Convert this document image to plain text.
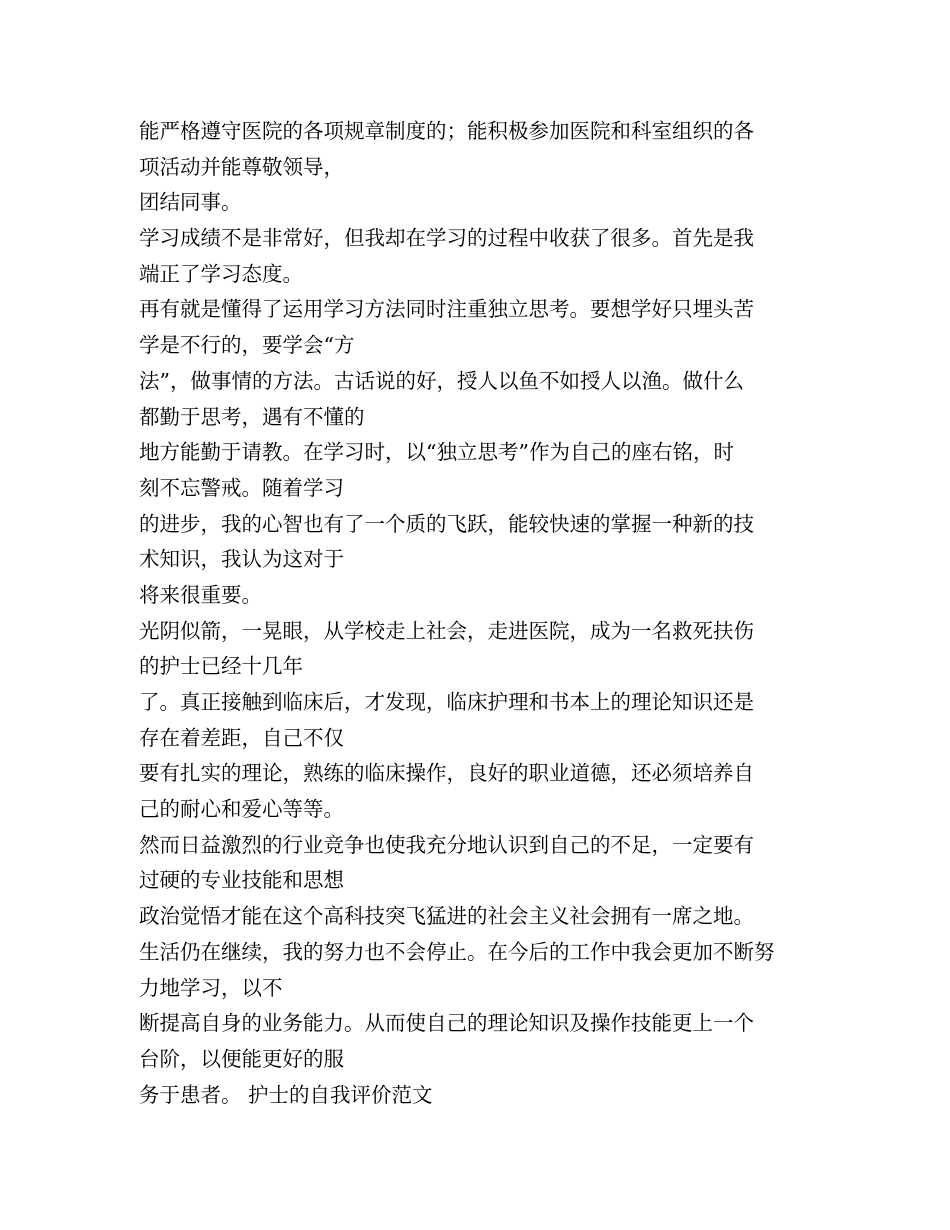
能严格遵守医院的各项规章制度的；能积极参加医院和科室组织的各
项活动并能尊敬领导，
团结同事。
学习成绩不是非常好，但我却在学习的过程中收获了很多。首先是我
端正了学习态度。
再有就是懂得了运用学习方法同时注重独立思考。要想学好只埋头苦
学是不行的，要学会“方
法”，做事情的方法。古话说的好，授人以鱼不如授人以渔。做什么
都勤于思考，遇有不懂的
地方能勤于请教。在学习时，以“独立思考”作为自己的座右铭，时
刻不忘警戒。随着学习
的进步，我的心智也有了一个质的飞跃，能较快速的掌握一种新的技
术知识，我认为这对于
将来很重要。
光阴似箭，一晃眼，从学校走上社会，走进医院，成为一名救死扶伤
的护士已经十几年
了。真正接触到临床后，才发现，临床护理和书本上的理论知识还是
存在着差距，自己不仅
要有扎实的理论，熟练的临床操作，良好的职业道德，还必须培养自
己的耐心和爱心等等。
然而日益激烈的行业竞争也使我充分地认识到自己的不足，一定要有
过硬的专业技能和思想
政治觉悟才能在这个高科技突飞猛进的社会主义社会拥有一席之地。
生活仍在继续，我的努力也不会停止。在今后的工作中我会更加不断努
力地学习，以不
断提高自身的业务能力。从而使自己的理论知识及操作技能更上一个
台阶，以便能更好的服
务于患者。 护士的自我评价范文
